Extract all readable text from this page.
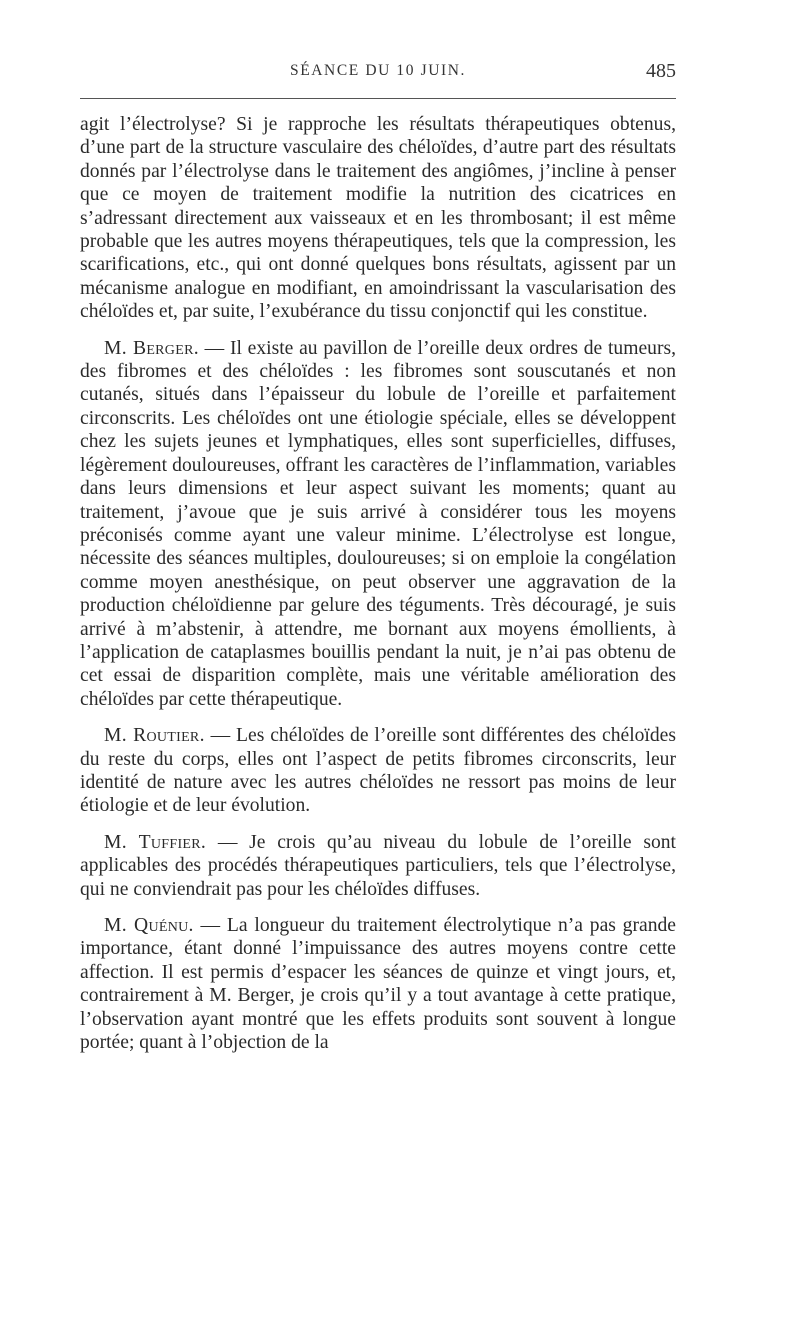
SÉANCE DU 10 JUIN.	485

agit l’électrolyse? Si je rapproche les résultats thérapeutiques obtenus, d’une part de la structure vasculaire des chéloïdes, d’autre part des résultats donnés par l’électrolyse dans le traitement des angiômes, j’incline à penser que ce moyen de traitement modifie la nutrition des cicatrices en s’adressant directement aux vaisseaux et en les thrombosant; il est même probable que les autres moyens thérapeutiques, tels que la compression, les scarifications, etc., qui ont donné quelques bons résultats, agissent par un mécanisme analogue en modifiant, en amoindrissant la vascularisation des chéloïdes et, par suite, l’exubérance du tissu conjonctif qui les constitue.

M. Berger. — Il existe au pavillon de l’oreille deux ordres de tumeurs, des fibromes et des chéloïdes : les fibromes sont souscutanés et non cutanés, situés dans l’épaisseur du lobule de l’oreille et parfaitement circonscrits. Les chéloïdes ont une étiologie spéciale, elles se développent chez les sujets jeunes et lymphatiques, elles sont superficielles, diffuses, légèrement douloureuses, offrant les caractères de l’inflammation, variables dans leurs dimensions et leur aspect suivant les moments; quant au traitement, j’avoue que je suis arrivé à considérer tous les moyens préconisés comme ayant une valeur minime. L’électrolyse est longue, nécessite des séances multiples, douloureuses; si on emploie la congélation comme moyen anesthésique, on peut observer une aggravation de la production chéloïdienne par gelure des téguments. Très découragé, je suis arrivé à m’abstenir, à attendre, me bornant aux moyens émollients, à l’application de cataplasmes bouillis pendant la nuit, je n’ai pas obtenu de cet essai de disparition complète, mais une véritable amélioration des chéloïdes par cette thérapeutique.

M. Routier. — Les chéloïdes de l’oreille sont différentes des chéloïdes du reste du corps, elles ont l’aspect de petits fibromes circonscrits, leur identité de nature avec les autres chéloïdes ne ressort pas moins de leur étiologie et de leur évolution.

M. Tuffier. — Je crois qu’au niveau du lobule de l’oreille sont applicables des procédés thérapeutiques particuliers, tels que l’électrolyse, qui ne conviendrait pas pour les chéloïdes diffuses.

M. Quénu. — La longueur du traitement électrolytique n’a pas grande importance, étant donné l’impuissance des autres moyens contre cette affection. Il est permis d’espacer les séances de quinze et vingt jours, et, contrairement à M. Berger, je crois qu’il y a tout avantage à cette pratique, l’observation ayant montré que les effets produits sont souvent à longue portée; quant à l’objection de la
